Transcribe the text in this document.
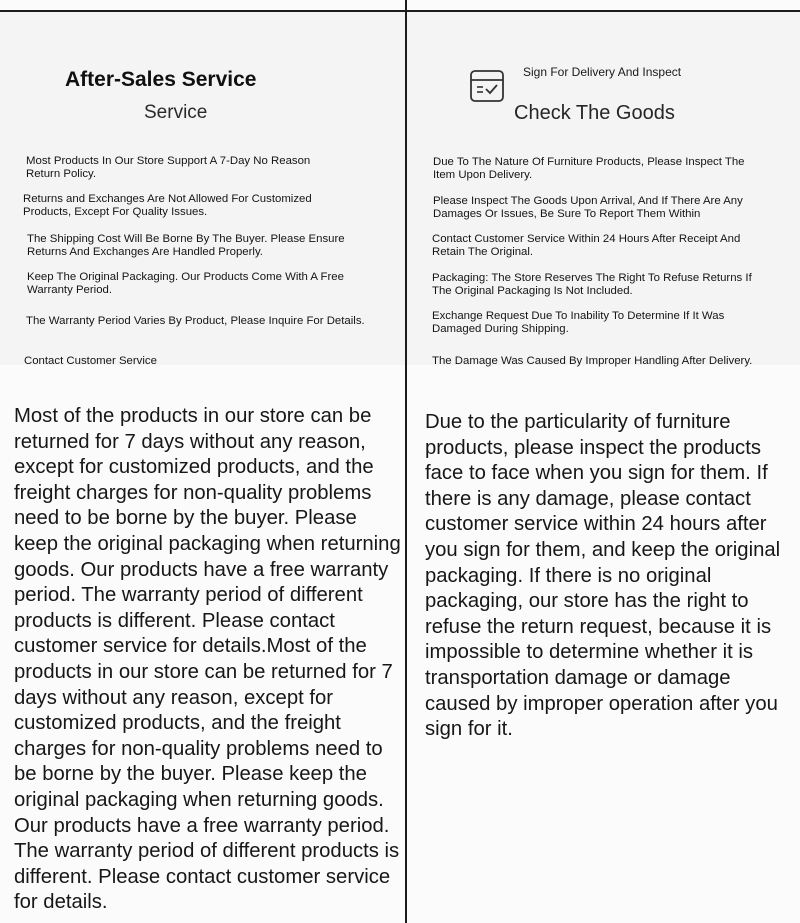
After-Sales Service
Service
Most Products In Our Store Support A 7-Day No Reason Return Policy.
Returns and Exchanges Are Not Allowed For Customized Products, Except For Quality Issues.
The Shipping Cost Will Be Borne By The Buyer. Please Ensure Returns And Exchanges Are Handled Properly.
Keep The Original Packaging. Our Products Come With A Free Warranty Period.
The Warranty Period Varies By Product, Please Inquire For Details.
Contact Customer Service
Sign For Delivery And Inspect
Check The Goods
Due To The Nature Of Furniture Products, Please Inspect The Item Upon Delivery.
Please Inspect The Goods Upon Arrival, And If There Are Any Damages Or Issues, Be Sure To Report Them Within
Contact Customer Service Within 24 Hours After Receipt And Retain The Original.
Packaging: The Store Reserves The Right To Refuse Returns If The Original Packaging Is Not Included.
Exchange Request Due To Inability To Determine If It Was Damaged During Shipping.
The Damage Was Caused By Improper Handling After Delivery.

Most of the products in our store can be returned for 7 days without any reason, except for customized products, and the freight charges for non-quality problems need to be borne by the buyer. Please keep the original packaging when returning goods. Our products have a free warranty period. The warranty period of different products is different. Please contact customer service for details.Most of the products in our store can be returned for 7 days without any reason, except for customized products, and the freight charges for non-quality problems need to be borne by the buyer. Please keep the original packaging when returning goods. Our products have a free warranty period. The warranty period of different products is different. Please contact customer service for details.

Due to the particularity of furniture products, please inspect the products face to face when you sign for them. If there is any damage, please contact customer service within 24 hours after you sign for them, and keep the original packaging. If there is no original packaging, our store has the right to refuse the return request, because it is impossible to determine whether it is transportation damage or damage caused by improper operation after you sign for it.
